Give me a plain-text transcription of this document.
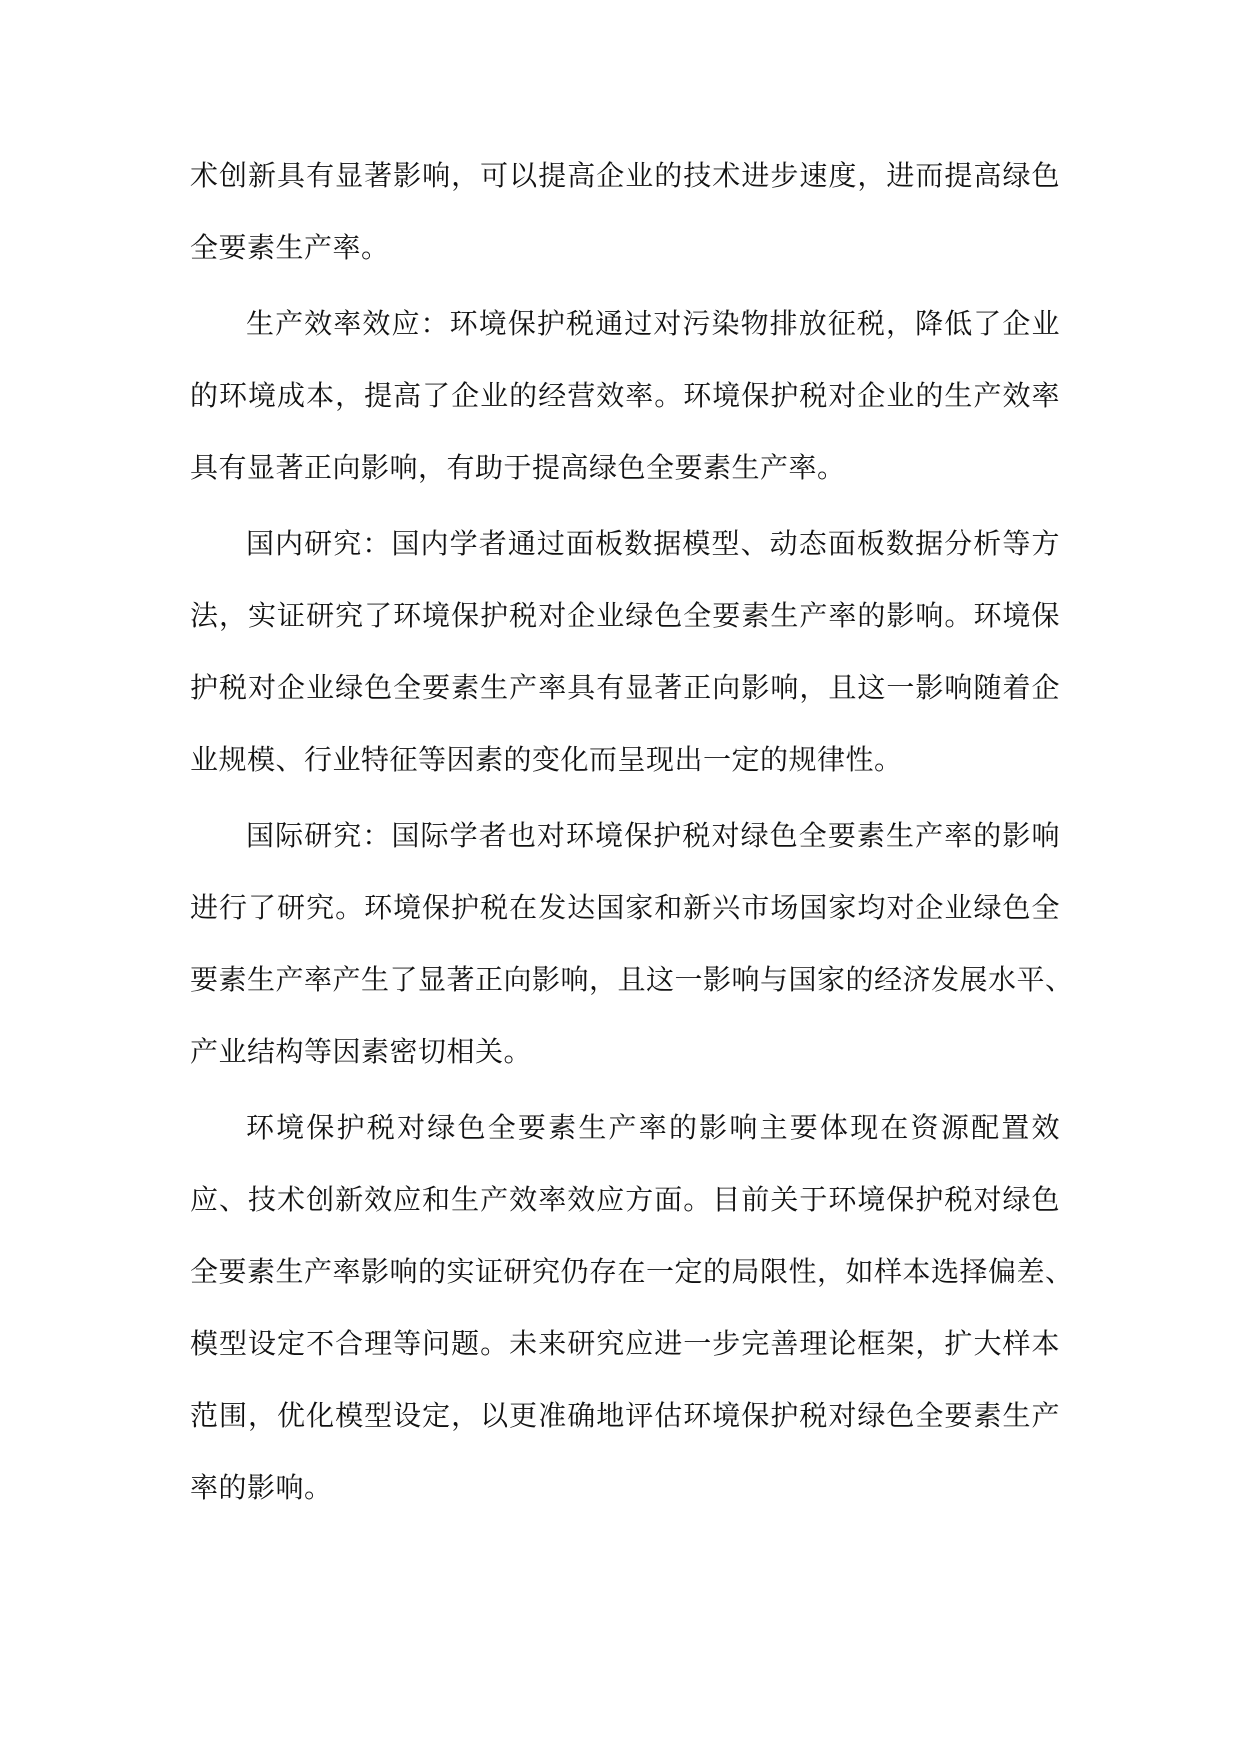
术创新具有显著影响，可以提高企业的技术进步速度，进而提高绿色
全要素生产率。
生产效率效应：环境保护税通过对污染物排放征税，降低了企业
的环境成本，提高了企业的经营效率。环境保护税对企业的生产效率
具有显著正向影响，有助于提高绿色全要素生产率。
国内研究：国内学者通过面板数据模型、动态面板数据分析等方
法，实证研究了环境保护税对企业绿色全要素生产率的影响。环境保
护税对企业绿色全要素生产率具有显著正向影响，且这一影响随着企
业规模、行业特征等因素的变化而呈现出一定的规律性。
国际研究：国际学者也对环境保护税对绿色全要素生产率的影响
进行了研究。环境保护税在发达国家和新兴市场国家均对企业绿色全
要素生产率产生了显著正向影响，且这一影响与国家的经济发展水平、
产业结构等因素密切相关。
环境保护税对绿色全要素生产率的影响主要体现在资源配置效
应、技术创新效应和生产效率效应方面。目前关于环境保护税对绿色
全要素生产率影响的实证研究仍存在一定的局限性，如样本选择偏差、
模型设定不合理等问题。未来研究应进一步完善理论框架，扩大样本
范围，优化模型设定，以更准确地评估环境保护税对绿色全要素生产
率的影响。
